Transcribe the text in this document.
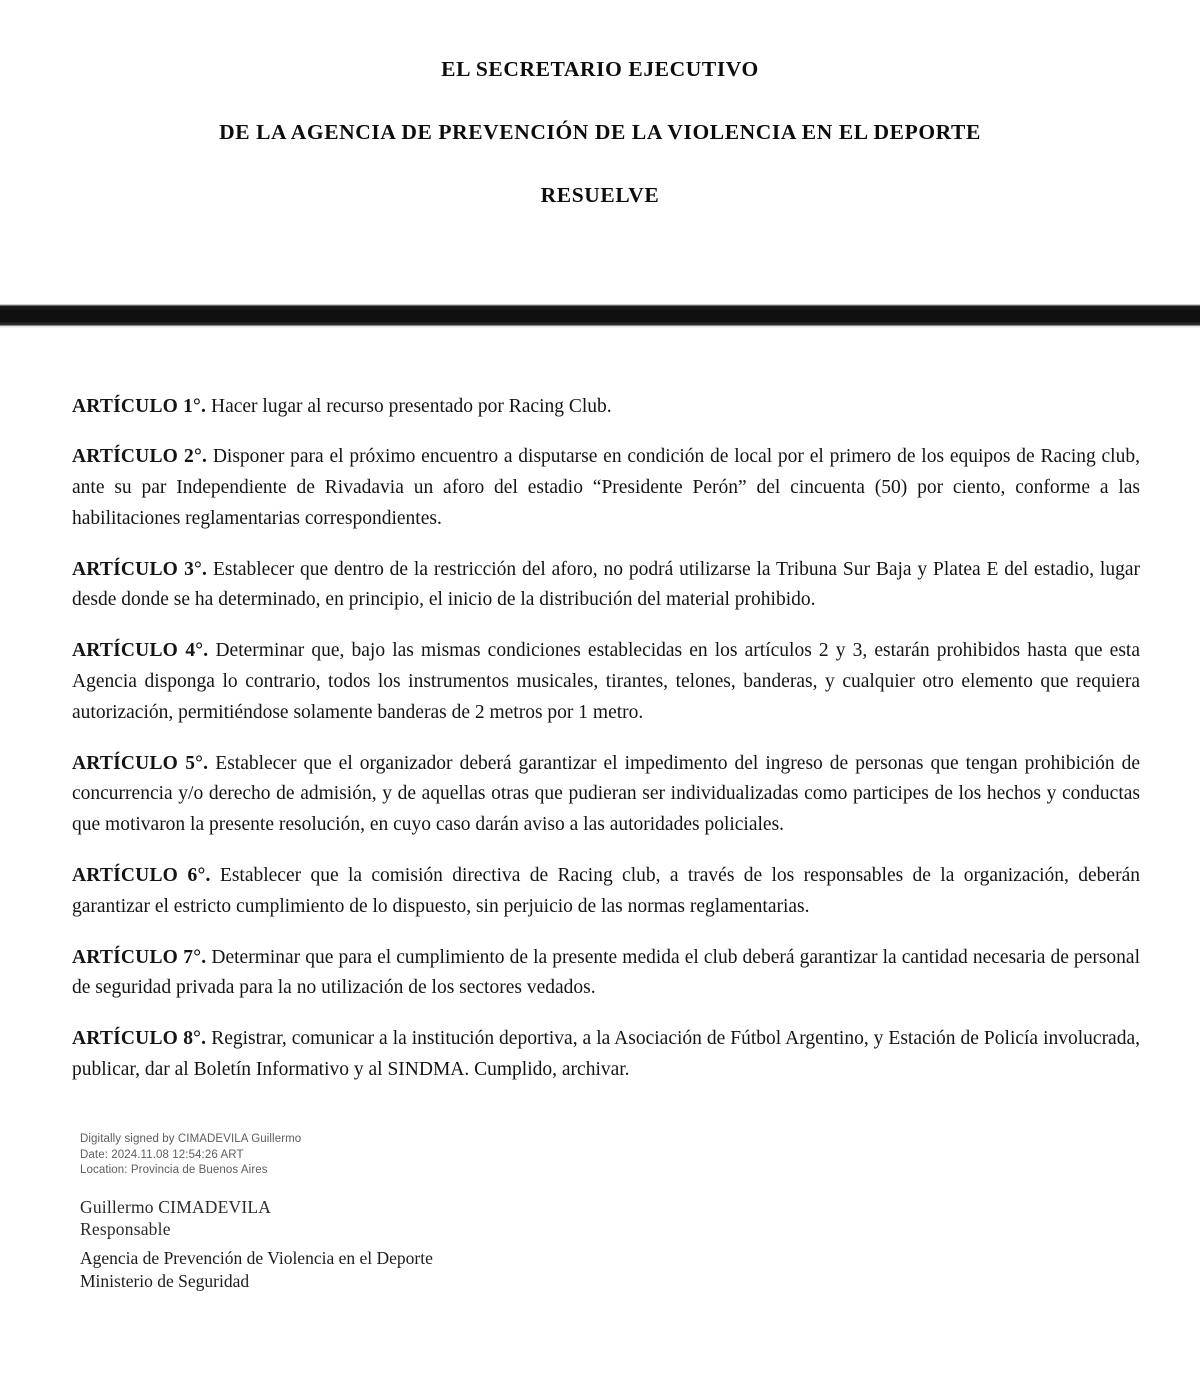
EL SECRETARIO EJECUTIVO
DE LA AGENCIA DE PREVENCIÓN DE LA VIOLENCIA EN EL DEPORTE
RESUELVE

ARTÍCULO 1°. Hacer lugar al recurso presentado por Racing Club.

ARTÍCULO 2°. Disponer para el próximo encuentro a disputarse en condición de local por el primero de los equipos de Racing club, ante su par Independiente de Rivadavia un aforo del estadio “Presidente Perón” del cincuenta (50) por ciento, conforme a las habilitaciones reglamentarias correspondientes.

ARTÍCULO 3°. Establecer que dentro de la restricción del aforo, no podrá utilizarse la Tribuna Sur Baja y Platea E del estadio, lugar desde donde se ha determinado, en principio, el inicio de la distribución del material prohibido.

ARTÍCULO 4°. Determinar que, bajo las mismas condiciones establecidas en los artículos 2 y 3, estarán prohibidos hasta que esta Agencia disponga lo contrario, todos los instrumentos musicales, tirantes, telones, banderas, y cualquier otro elemento que requiera autorización, permitiéndose solamente banderas de 2 metros por 1 metro.

ARTÍCULO 5°. Establecer que el organizador deberá garantizar el impedimento del ingreso de personas que tengan prohibición de concurrencia y/o derecho de admisión, y de aquellas otras que pudieran ser individualizadas como participes de los hechos y conductas que motivaron la presente resolución, en cuyo caso darán aviso a las autoridades policiales.

ARTÍCULO 6°. Establecer que la comisión directiva de Racing club, a través de los responsables de la organización, deberán garantizar el estricto cumplimiento de lo dispuesto, sin perjuicio de las normas reglamentarias.

ARTÍCULO 7°. Determinar que para el cumplimiento de la presente medida el club deberá garantizar la cantidad necesaria de personal de seguridad privada para la no utilización de los sectores vedados.

ARTÍCULO 8°. Registrar, comunicar a la institución deportiva, a la Asociación de Fútbol Argentino, y Estación de Policía involucrada, publicar, dar al Boletín Informativo y al SINDMA. Cumplido, archivar.

Digitally signed by CIMADEVILA Guillermo
Date: 2024.11.08 12:54:26 ART
Location: Provincia de Buenos Aires
Guillermo CIMADEVILA
Responsable
Agencia de Prevención de Violencia en el Deporte
Ministerio de Seguridad
